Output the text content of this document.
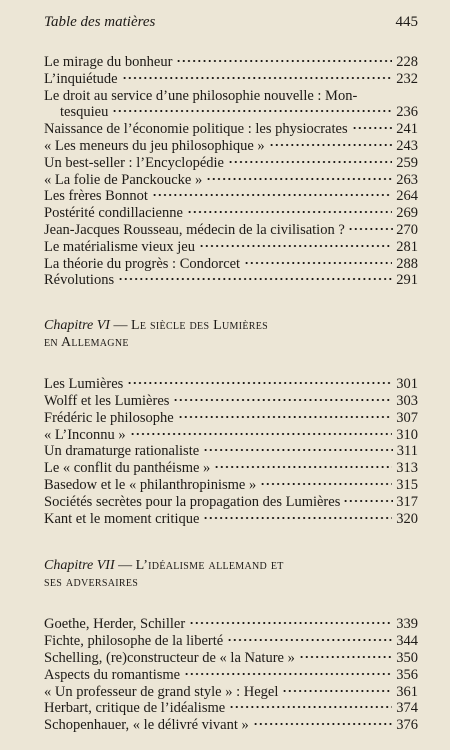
Table des matières	445
Le mirage du bonheur	228
L’inquiétude	232
Le droit au service d’une philosophie nouvelle : Mon-
tesquieu	236
Naissance de l’économie politique : les physiocrates	241
« Les meneurs du jeu philosophique »	243
Un best-seller : l’Encyclopédie	259
« La folie de Panckoucke »	263
Les frères Bonnot	264
Postérité condillacienne	269
Jean-Jacques Rousseau, médecin de la civilisation ?	270
Le matérialisme vieux jeu	281
La théorie du progrès : Condorcet	288
Révolutions	291
Chapitre VI — Le siècle des Lumières
en Allemagne
Les Lumières	301
Wolff et les Lumières	303
Frédéric le philosophe	307
« L’Inconnu »	310
Un dramaturge rationaliste	311
Le « conflit du panthéisme »	313
Basedow et le « philanthropinisme »	315
Sociétés secrètes pour la propagation des Lumières	317
Kant et le moment critique	320
Chapitre VII — L’idéalisme allemand et
ses adversaires
Goethe, Herder, Schiller	339
Fichte, philosophe de la liberté	344
Schelling, (re)constructeur de « la Nature »	350
Aspects du romantisme	356
« Un professeur de grand style » : Hegel	361
Herbart, critique de l’idéalisme	374
Schopenhauer, « le délivré vivant »	376
